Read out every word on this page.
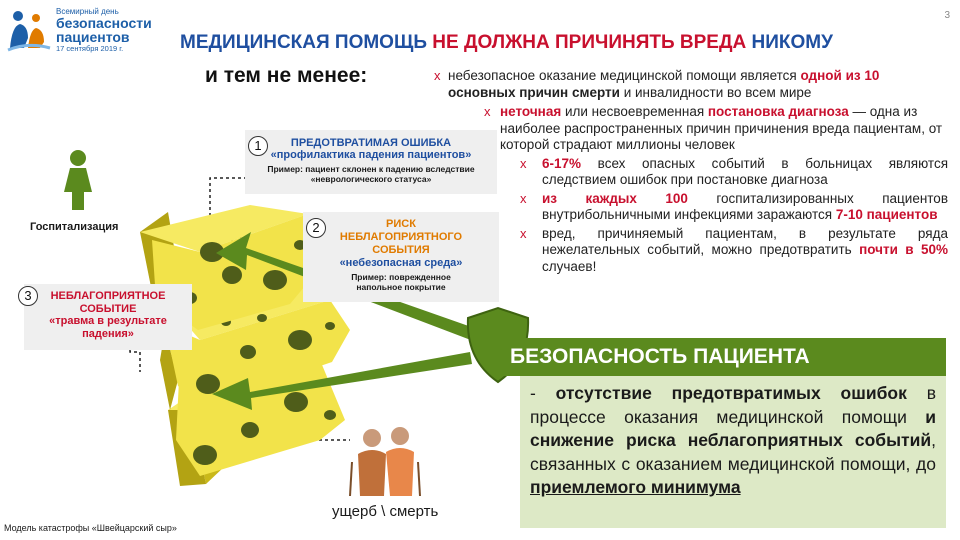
Всемирный день
безопасности
пациентов
17 сентября 2019 г.
3
МЕДИЦИНСКАЯ ПОМОЩЬ НЕ ДОЛЖНА ПРИЧИНЯТЬ ВРЕДА НИКОМУ
и тем не менее:	x небезопасное оказание медицинской помощи является одной из 10 основных причин смерти и инвалидности во всем мире
x неточная или несвоевременная постановка диагноза — одна из наиболее распространенных причин причинения вреда пациентам, от которой страдают миллионы человек
x 6-17% всех опасных событий в больницах являются следствием ошибок при постановке диагноза
x из каждых 100 госпитализированных пациентов внутрибольничными инфекциями заражаются 7-10 пациентов
x вред, причиняемый пациентам, в результате ряда нежелательных событий, можно предотвратить почти в 50% случаев!
1	ПРЕДОТВРАТИМАЯ ОШИБКА
«профилактика падения пациентов»
Пример: пациент склонен к падению вследствие
«неврологического статуса»
2	РИСК
НЕБЛАГОПРИЯТНОГО
СОБЫТИЯ
«небезопасная среда»
Пример: поврежденное
напольное покрытие
3	НЕБЛАГОПРИЯТНОЕ
СОБЫТИЕ
«травма в результате
падения»
Госпитализация
ущерб \ смерть
Модель катастрофы «Швейцарский сыр»
БЕЗОПАСНОСТЬ ПАЦИЕНТА
- отсутствие предотвратимых ошибок в процессе оказания медицинской помощи и снижение риска неблагоприятных событий, связанных с оказанием медицинской помощи, до приемлемого минимума
